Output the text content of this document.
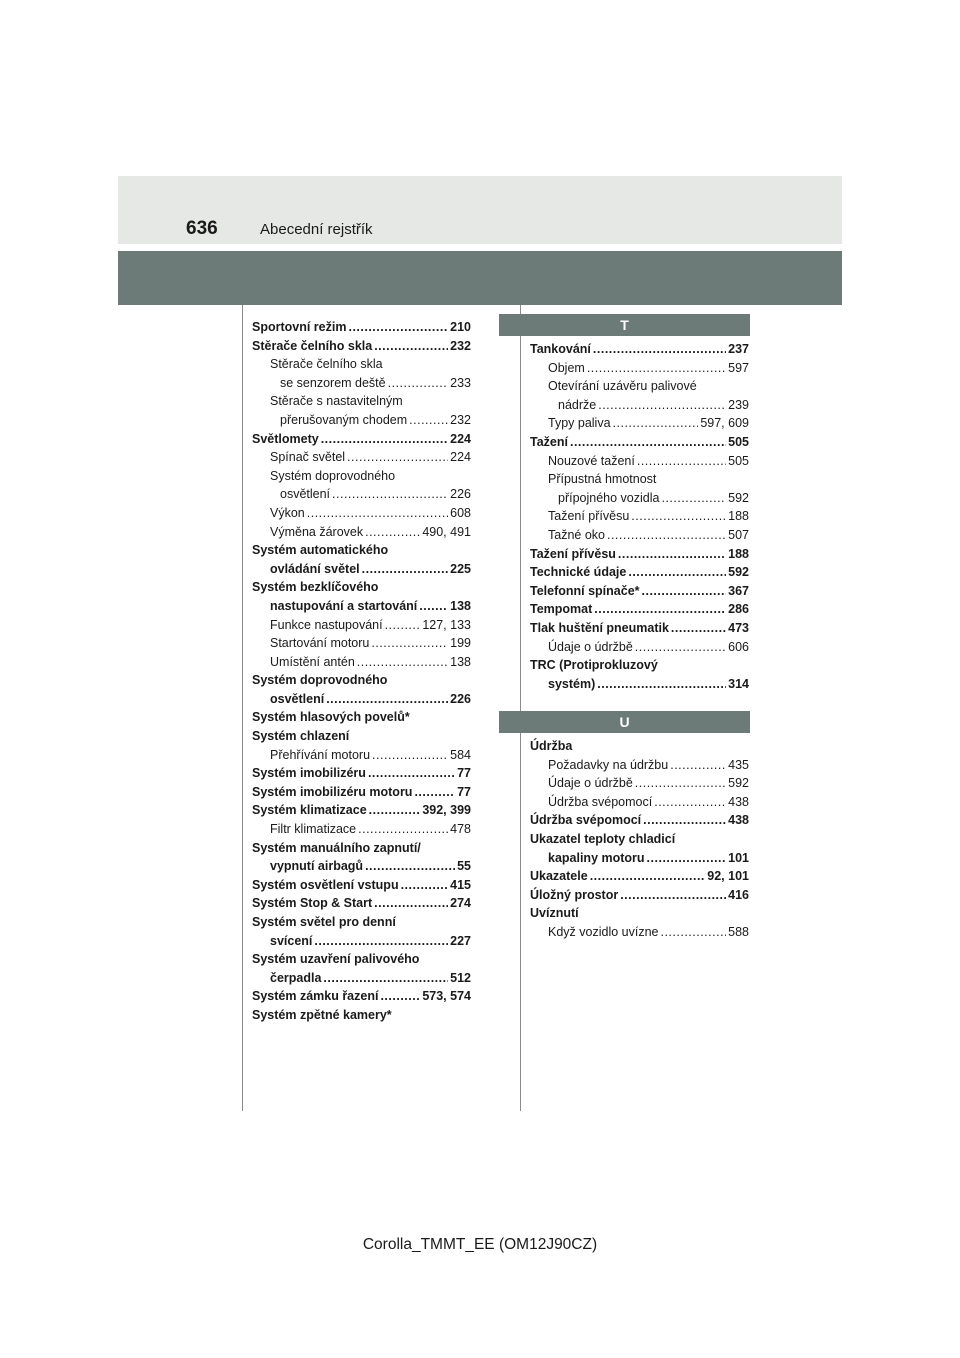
636	Abecední rejstřík
Sportovní režim .....	210
Stěrače čelního skla .....	232
Stěrače čelního skla
se senzorem deště .....	233
Stěrače s nastavitelným
přerušovaným chodem .....	232
Světlomety .....	224
Spínač světel .....	224
Systém doprovodného
osvětlení .....	226
Výkon .....	608
Výměna žárovek .....	490, 491
Systém automatického
ovládání světel .....	225
Systém bezklíčového
nastupování a startování .....	138
Funkce nastupování .....	127, 133
Startování motoru .....	199
Umístění antén .....	138
Systém doprovodného
osvětlení .....	226
Systém hlasových povelů*
Systém chlazení
Přehřívání motoru .....	584
Systém imobilizéru .....	77
Systém imobilizéru motoru .....	77
Systém klimatizace .....	392, 399
Filtr klimatizace .....	478
Systém manuálního zapnutí/
vypnutí airbagů .....	55
Systém osvětlení vstupu .....	415
Systém Stop & Start .....	274
Systém světel pro denní
svícení .....	227
Systém uzavření palivového
čerpadla .....	512
Systém zámku řazení .....	573, 574
Systém zpětné kamery*
T
Tankování .....	237
Objem .....	597
Otevírání uzávěru palivové
nádrže .....	239
Typy paliva .....	597, 609
Tažení .....	505
Nouzové tažení .....	505
Přípustná hmotnost
přípojného vozidla .....	592
Tažení přívěsu .....	188
Tažné oko .....	507
Tažení přívěsu .....	188
Technické údaje .....	592
Telefonní spínače* .....	367
Tempomat .....	286
Tlak huštění pneumatik .....	473
Údaje o údržbě .....	606
TRC (Protiprokluzový
systém) .....	314
U
Údržba
Požadavky na údržbu .....	435
Údaje o údržbě .....	592
Údržba svépomocí .....	438
Údržba svépomocí .....	438
Ukazatel teploty chladicí
kapaliny motoru .....	101
Ukazatele .....	92, 101
Úložný prostor .....	416
Uvíznutí
Když vozidlo uvízne .....	588
Corolla_TMMT_EE (OM12J90CZ)
